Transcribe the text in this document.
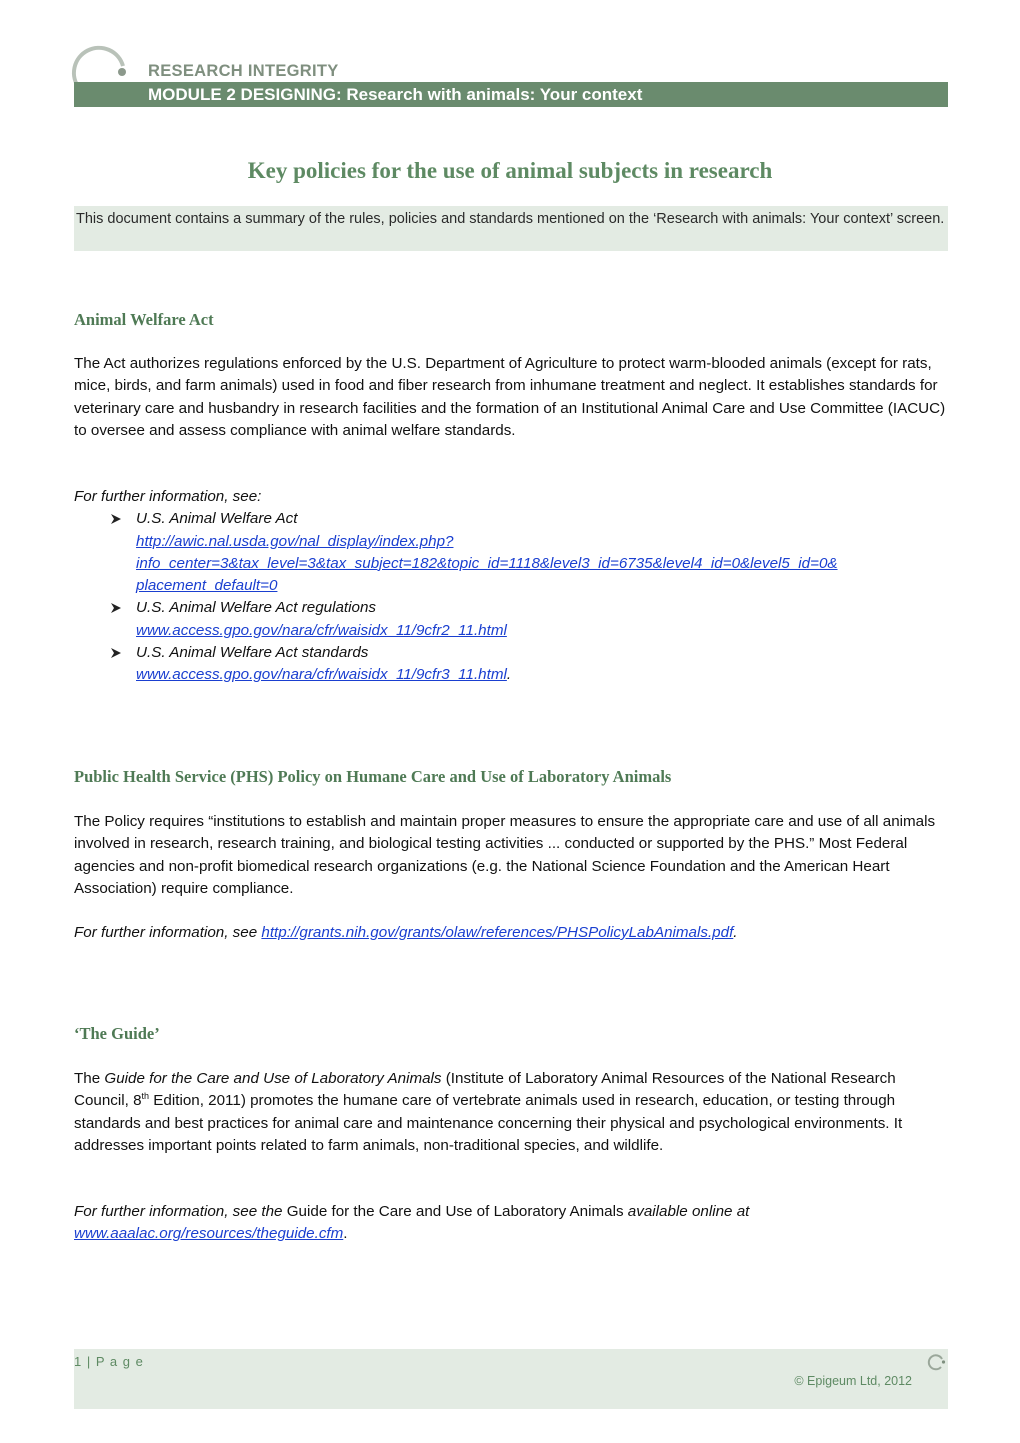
RESEARCH INTEGRITY
MODULE 2 DESIGNING: Research with animals: Your context
Key policies for the use of animal subjects in research

This document contains a summary of the rules, policies and standards mentioned on the ‘Research with animals: Your context’ screen.

Animal Welfare Act

The Act authorizes regulations enforced by the U.S. Department of Agriculture to protect warm-blooded animals (except for rats, mice, birds, and farm animals) used in food and fiber research from inhumane treatment and neglect. It establishes standards for veterinary care and husbandry in research facilities and the formation of an Institutional Animal Care and Use Committee (IACUC) to oversee and assess compliance with animal welfare standards.

For further information, see:

U.S. Animal Welfare Act
http://awic.nal.usda.gov/nal_display/index.php?
info_center=3&tax_level=3&tax_subject=182&topic_id=1118&level3_id=6735&level4_id=0&level5_id=0&
placement_default=0
U.S. Animal Welfare Act regulations
www.access.gpo.gov/nara/cfr/waisidx_11/9cfr2_11.html
U.S. Animal Welfare Act standards
www.access.gpo.gov/nara/cfr/waisidx_11/9cfr3_11.html.
Public Health Service (PHS) Policy on Humane Care and Use of Laboratory Animals

The Policy requires “institutions to establish and maintain proper measures to ensure the appropriate care and use of all animals involved in research, research training, and biological testing activities ... conducted or supported by the PHS.” Most Federal agencies and non-profit biomedical research organizations (e.g. the National Science Foundation and the American Heart Association) require compliance.

For further information, see http://grants.nih.gov/grants/olaw/references/PHSPolicyLabAnimals.pdf.

‘The Guide’

The Guide for the Care and Use of Laboratory Animals (Institute of Laboratory Animal Resources of the National Research Council, 8th Edition, 2011) promotes the humane care of vertebrate animals used in research, education, or testing through standards and best practices for animal care and maintenance concerning their physical and psychological environments. It addresses important points related to farm animals, non-traditional species, and wildlife.

For further information, see the Guide for the Care and Use of Laboratory Animals available online at
www.aaalac.org/resources/theguide.cfm.

1 | P a g e
© Epigeum Ltd, 2012
